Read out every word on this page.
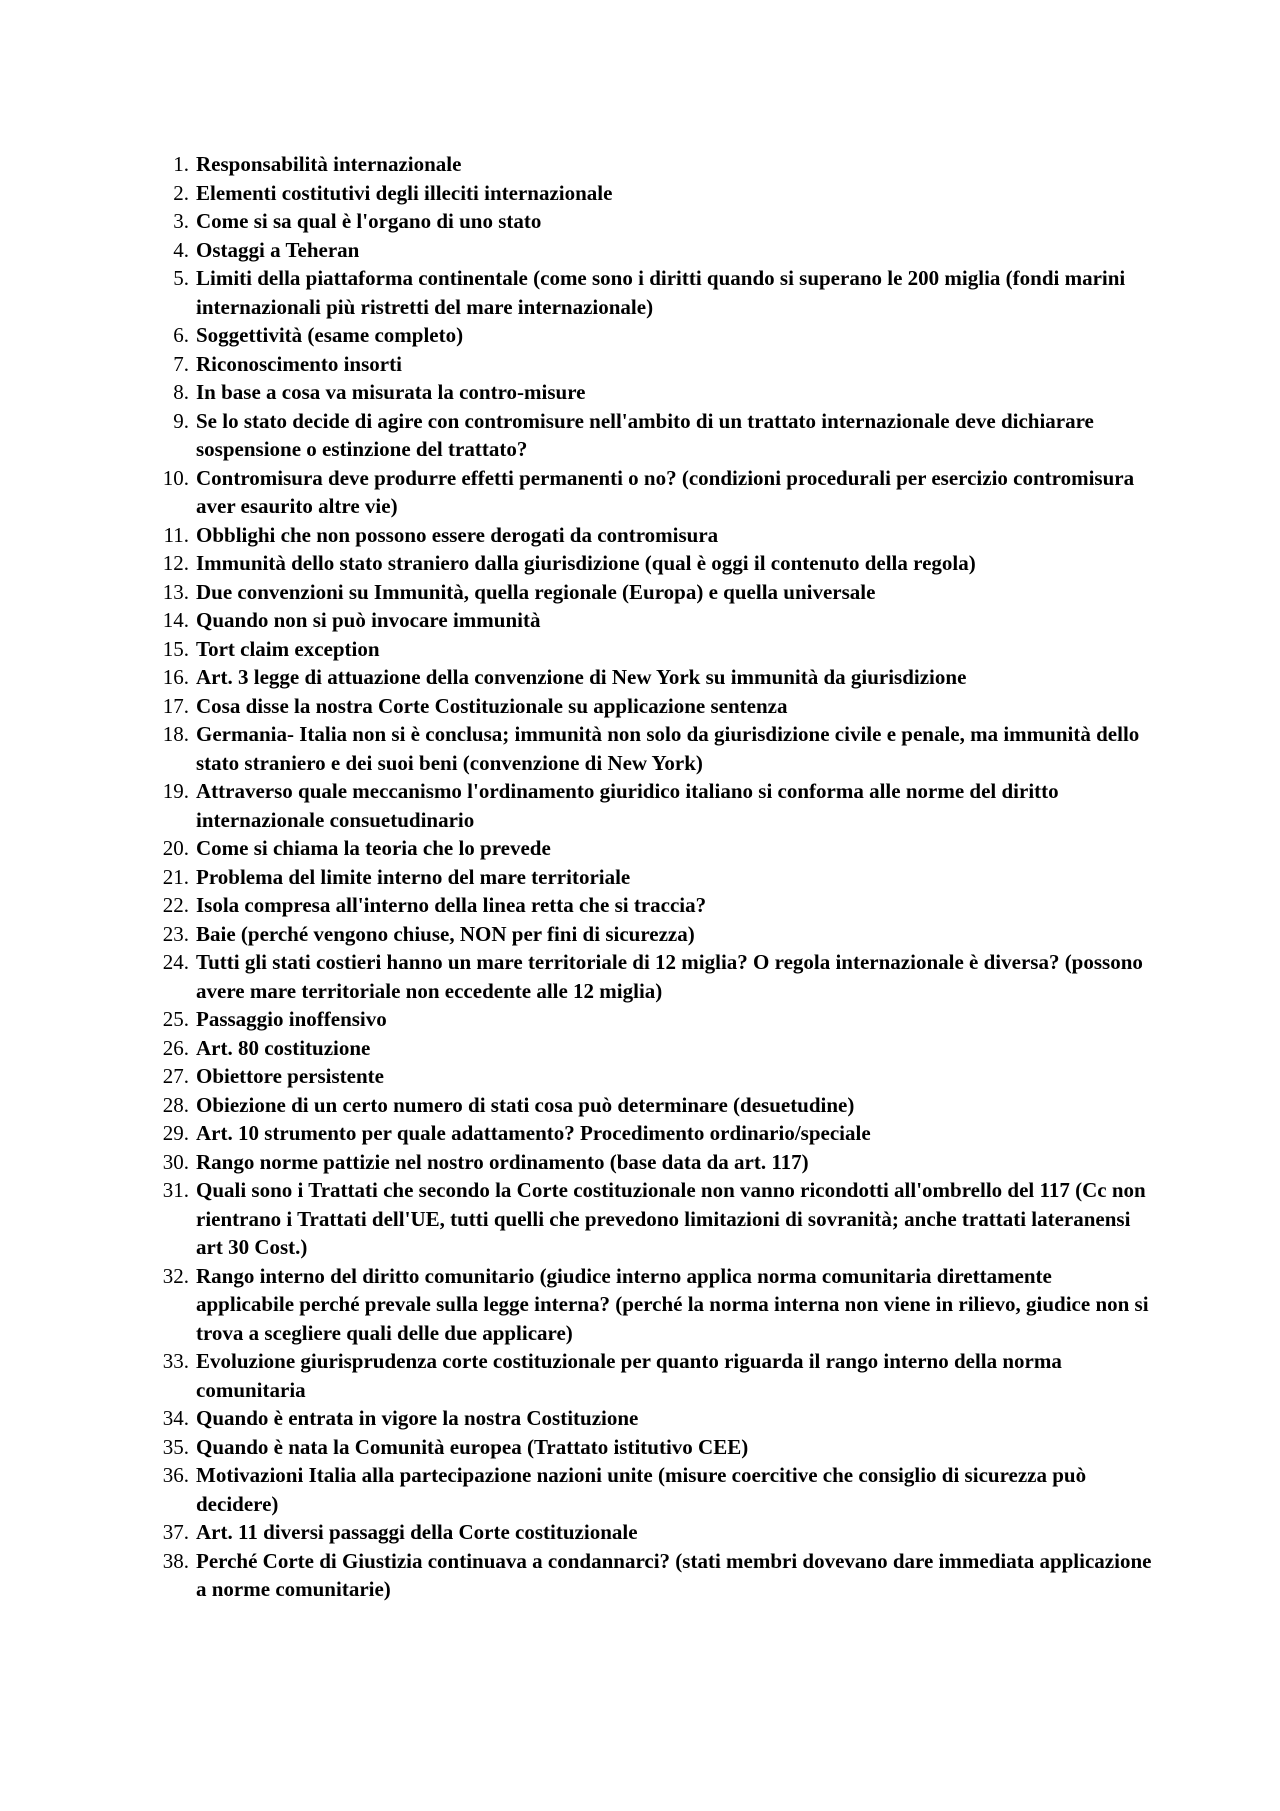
1. Responsabilità internazionale
2. Elementi costitutivi degli illeciti internazionale
3. Come si sa qual è l'organo di uno stato
4. Ostaggi a Teheran
5. Limiti della piattaforma continentale (come sono i diritti quando si superano le 200 miglia (fondi marini internazionali più ristretti del mare internazionale)
6. Soggettività (esame completo)
7. Riconoscimento insorti
8. In base a cosa va misurata la contro-misure
9. Se lo stato decide di agire con contromisure nell'ambito di un trattato internazionale deve dichiarare sospensione o estinzione del trattato?
10. Contromisura deve produrre effetti permanenti o no? (condizioni procedurali per esercizio contromisura aver esaurito altre vie)
11. Obblighi che non possono essere derogati da contromisura
12. Immunità dello stato straniero dalla giurisdizione (qual è oggi il contenuto della regola)
13. Due convenzioni su Immunità, quella regionale (Europa) e quella universale
14. Quando non si può invocare immunità
15. Tort claim exception
16. Art. 3 legge di attuazione della convenzione di New York su immunità da giurisdizione
17. Cosa disse la nostra Corte Costituzionale su applicazione sentenza
18. Germania- Italia non si è conclusa; immunità non solo da giurisdizione civile e penale, ma immunità dello stato straniero e dei suoi beni (convenzione di New York)
19. Attraverso quale meccanismo l'ordinamento giuridico italiano si conforma alle norme del diritto internazionale consuetudinario
20. Come si chiama la teoria che lo prevede
21. Problema del limite interno del mare territoriale
22. Isola compresa all'interno della linea retta che si traccia?
23. Baie (perché vengono chiuse, NON per fini di sicurezza)
24. Tutti gli stati costieri hanno un mare territoriale di 12 miglia? O regola internazionale è diversa? (possono avere mare territoriale non eccedente alle 12 miglia)
25. Passaggio inoffensivo
26. Art. 80 costituzione
27. Obiettore persistente
28. Obiezione di un certo numero di stati cosa può determinare (desuetudine)
29. Art. 10 strumento per quale adattamento? Procedimento ordinario/speciale
30. Rango norme pattizie nel nostro ordinamento (base data da art. 117)
31. Quali sono i Trattati che secondo la Corte costituzionale non vanno ricondotti all'ombrello del 117 (Cc non rientrano i Trattati dell'UE, tutti quelli che prevedono limitazioni di sovranità; anche trattati lateranensi art 30 Cost.)
32. Rango interno del diritto comunitario (giudice interno applica norma comunitaria direttamente applicabile perché prevale sulla legge interna? (perché la norma interna non viene in rilievo, giudice non si trova a scegliere quali delle due applicare)
33. Evoluzione giurisprudenza corte costituzionale per quanto riguarda il rango interno della norma comunitaria
34. Quando è entrata in vigore la nostra Costituzione
35. Quando è nata la Comunità europea (Trattato istitutivo CEE)
36. Motivazioni Italia alla partecipazione nazioni unite (misure coercitive che consiglio di sicurezza può decidere)
37. Art. 11 diversi passaggi della Corte costituzionale
38. Perché Corte di Giustizia continuava a condannarci? (stati membri dovevano dare immediata applicazione a norme comunitarie)
